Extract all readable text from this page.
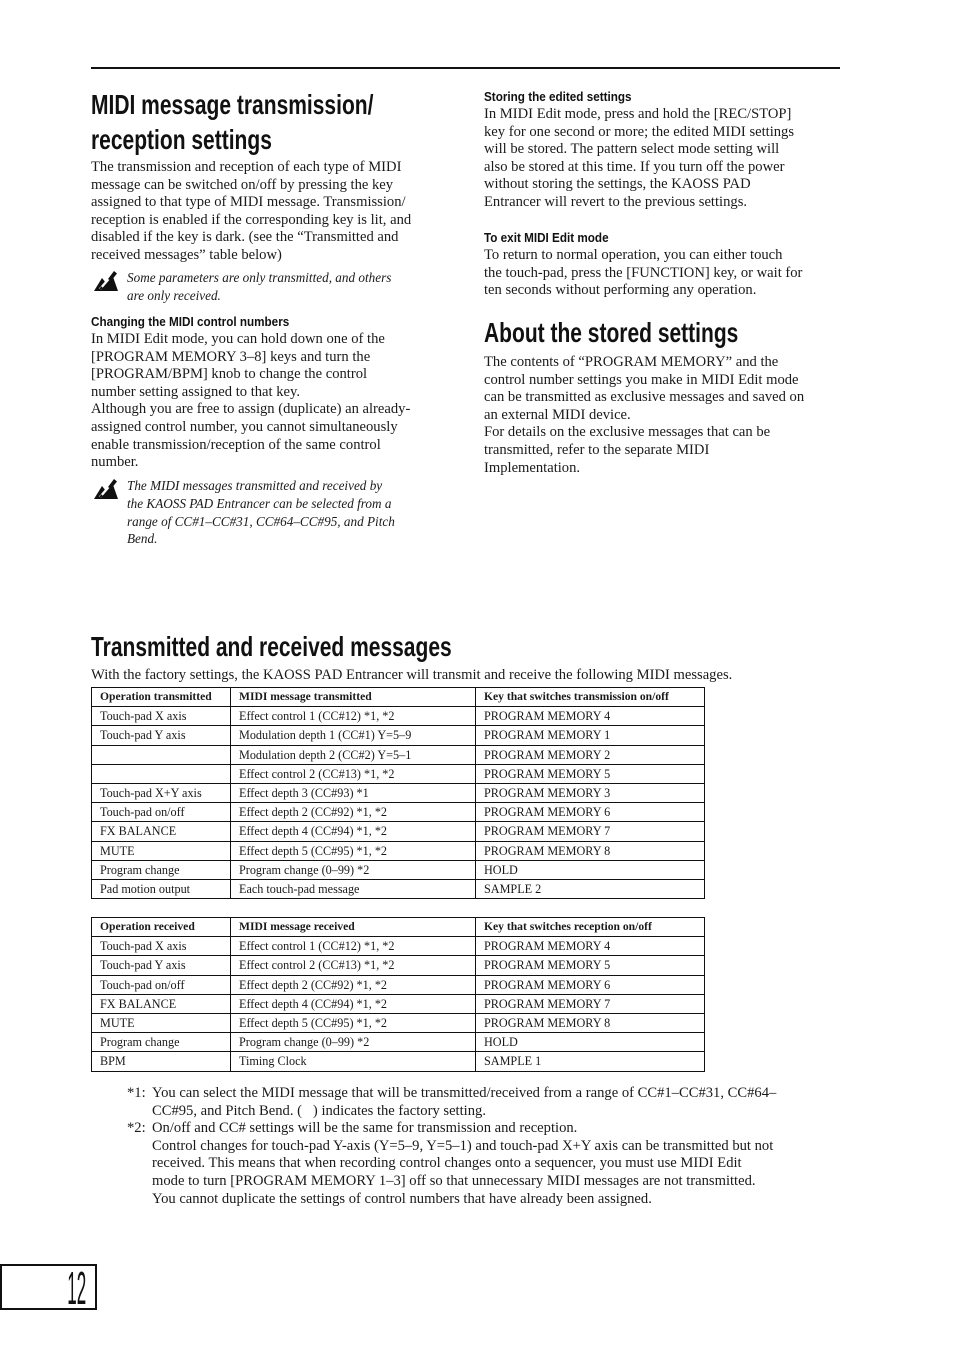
MIDI message transmission/
reception settings
The transmission and reception of each type of MIDI
message can be switched on/off by pressing the key
assigned to that type of MIDI message. Transmission/
reception is enabled if the corresponding key is lit, and
disabled if the key is dark. (see the “Transmitted and
received messages” table below)
Some parameters are only transmitted, and others
are only received.
Changing the MIDI control numbers
In MIDI Edit mode, you can hold down one of the
[PROGRAM MEMORY 3–8] keys and turn the
[PROGRAM/BPM] knob to change the control
number setting assigned to that key.
Although you are free to assign (duplicate) an already-
assigned control number, you cannot simultaneously
enable transmission/reception of the same control
number.
The MIDI messages transmitted and received by
the KAOSS PAD Entrancer can be selected from a
range of CC#1–CC#31, CC#64–CC#95, and Pitch
Bend.
Storing the edited settings
In MIDI Edit mode, press and hold the [REC/STOP]
key for one second or more; the edited MIDI settings
will be stored. The pattern select mode setting will
also be stored at this time. If you turn off the power
without storing the settings, the KAOSS PAD
Entrancer will revert to the previous settings.
To exit MIDI Edit mode
To return to normal operation, you can either touch
the touch-pad, press the [FUNCTION] key, or wait for
ten seconds without performing any operation.
About the stored settings
The contents of “PROGRAM MEMORY” and the
control number settings you make in MIDI Edit mode
can be transmitted as exclusive messages and saved on
an external MIDI device.
For details on the exclusive messages that can be
transmitted, refer to the separate MIDI
Implementation.
Transmitted and received messages
With the factory settings, the KAOSS PAD Entrancer will transmit and receive the following MIDI messages.
Operation transmitted	MIDI message transmitted	Key that switches transmission on/off
Touch-pad X axis	Effect control 1 (CC#12) *1, *2	PROGRAM MEMORY 4
Touch-pad Y axis	Modulation depth 1 (CC#1) Y=5–9	PROGRAM MEMORY 1
	Modulation depth 2 (CC#2) Y=5–1	PROGRAM MEMORY 2
	Effect control 2 (CC#13) *1, *2	PROGRAM MEMORY 5
Touch-pad X+Y axis	Effect depth 3 (CC#93) *1	PROGRAM MEMORY 3
Touch-pad on/off	Effect depth 2 (CC#92) *1, *2	PROGRAM MEMORY 6
FX BALANCE	Effect depth 4 (CC#94) *1, *2	PROGRAM MEMORY 7
MUTE	Effect depth 5 (CC#95) *1, *2	PROGRAM MEMORY 8
Program change	Program change (0–99) *2	HOLD
Pad motion output	Each touch-pad message	SAMPLE 2
Operation received	MIDI message received	Key that switches reception on/off
Touch-pad X axis	Effect control 1 (CC#12) *1, *2	PROGRAM MEMORY 4
Touch-pad Y axis	Effect control 2 (CC#13) *1, *2	PROGRAM MEMORY 5
Touch-pad on/off	Effect depth 2 (CC#92) *1, *2	PROGRAM MEMORY 6
FX BALANCE	Effect depth 4 (CC#94) *1, *2	PROGRAM MEMORY 7
MUTE	Effect depth 5 (CC#95) *1, *2	PROGRAM MEMORY 8
Program change	Program change (0–99) *2	HOLD
BPM	Timing Clock	SAMPLE 1
*1: You can select the MIDI message that will be transmitted/received from a range of CC#1–CC#31, CC#64–
CC#95, and Pitch Bend. (   ) indicates the factory setting.
*2: On/off and CC# settings will be the same for transmission and reception.
Control changes for touch-pad Y-axis (Y=5–9, Y=5–1) and touch-pad X+Y axis can be transmitted but not
received. This means that when recording control changes onto a sequencer, you must use MIDI Edit
mode to turn [PROGRAM MEMORY 1–3] off so that unnecessary MIDI messages are not transmitted.
You cannot duplicate the settings of control numbers that have already been assigned.
12
